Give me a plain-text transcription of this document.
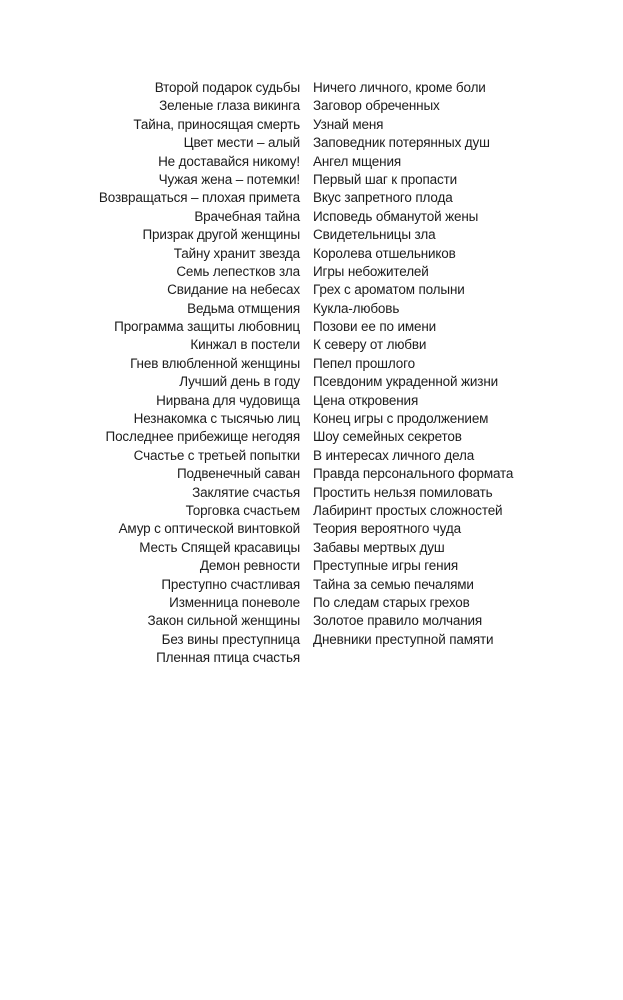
Второй подарок судьбы
Зеленые глаза викинга
Тайна, приносящая смерть
Цвет мести – алый
Не доставайся никому!
Чужая жена – потемки!
Возвращаться – плохая примета
Врачебная тайна
Призрак другой женщины
Тайну хранит звезда
Семь лепестков зла
Свидание на небесах
Ведьма отмщения
Программа защиты любовниц
Кинжал в постели
Гнев влюбленной женщины
Лучший день в году
Нирвана для чудовища
Незнакомка с тысячью лиц
Последнее прибежище негодяя
Счастье с третьей попытки
Подвенечный саван
Заклятие счастья
Торговка счастьем
Амур с оптической винтовкой
Месть Спящей красавицы
Демон ревности
Преступно счастливая
Изменница поневоле
Закон сильной женщины
Без вины преступница
Пленная птица счастья
Ничего личного, кроме боли
Заговор обреченных
Узнай меня
Заповедник потерянных душ
Ангел мщения
Первый шаг к пропасти
Вкус запретного плода
Исповедь обманутой жены
Свидетельницы зла
Королева отшельников
Игры небожителей
Грех с ароматом полыни
Кукла-любовь
Позови ее по имени
К северу от любви
Пепел прошлого
Псевдоним украденной жизни
Цена откровения
Конец игры с продолжением
Шоу семейных секретов
В интересах личного дела
Правда персонального формата
Простить нельзя помиловать
Лабиринт простых сложностей
Теория вероятного чуда
Забавы мертвых душ
Преступные игры гения
Тайна за семью печалями
По следам старых грехов
Золотое правило молчания
Дневники преступной памяти
